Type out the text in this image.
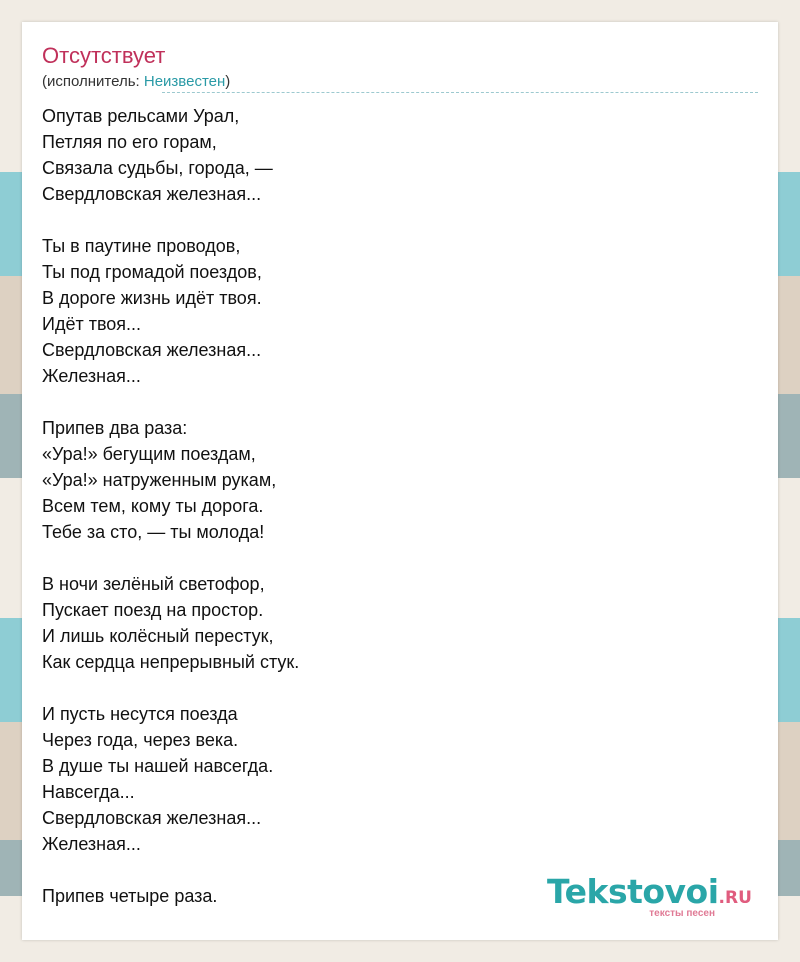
Отсутствует
(исполнитель: Неизвестен)
Опутав рельсами Урал,
Петляя по его горам,
Связала судьбы, города, —
Свердловская железная...
Ты в паутине проводов,
Ты под громадой поездов,
В дороге жизнь идёт твоя.
Идёт твоя...
Свердловская железная...
Железная...
Припев два раза:
«Ура!» бегущим поездам,
«Ура!» натруженным рукам,
Всем тем, кому ты дорога.
Тебе за сто, — ты молода!
В ночи зелёный светофор,
Пускает поезд на простор.
И лишь колёсный перестук,
Как сердца непрерывный стук.
И пусть несутся поезда
Через года, через века.
В душе ты нашей навсегда.
Навсегда...
Свердловская железная...
Железная...
Припев четыре раза.	Tekstovoi.RU
тексты песен
